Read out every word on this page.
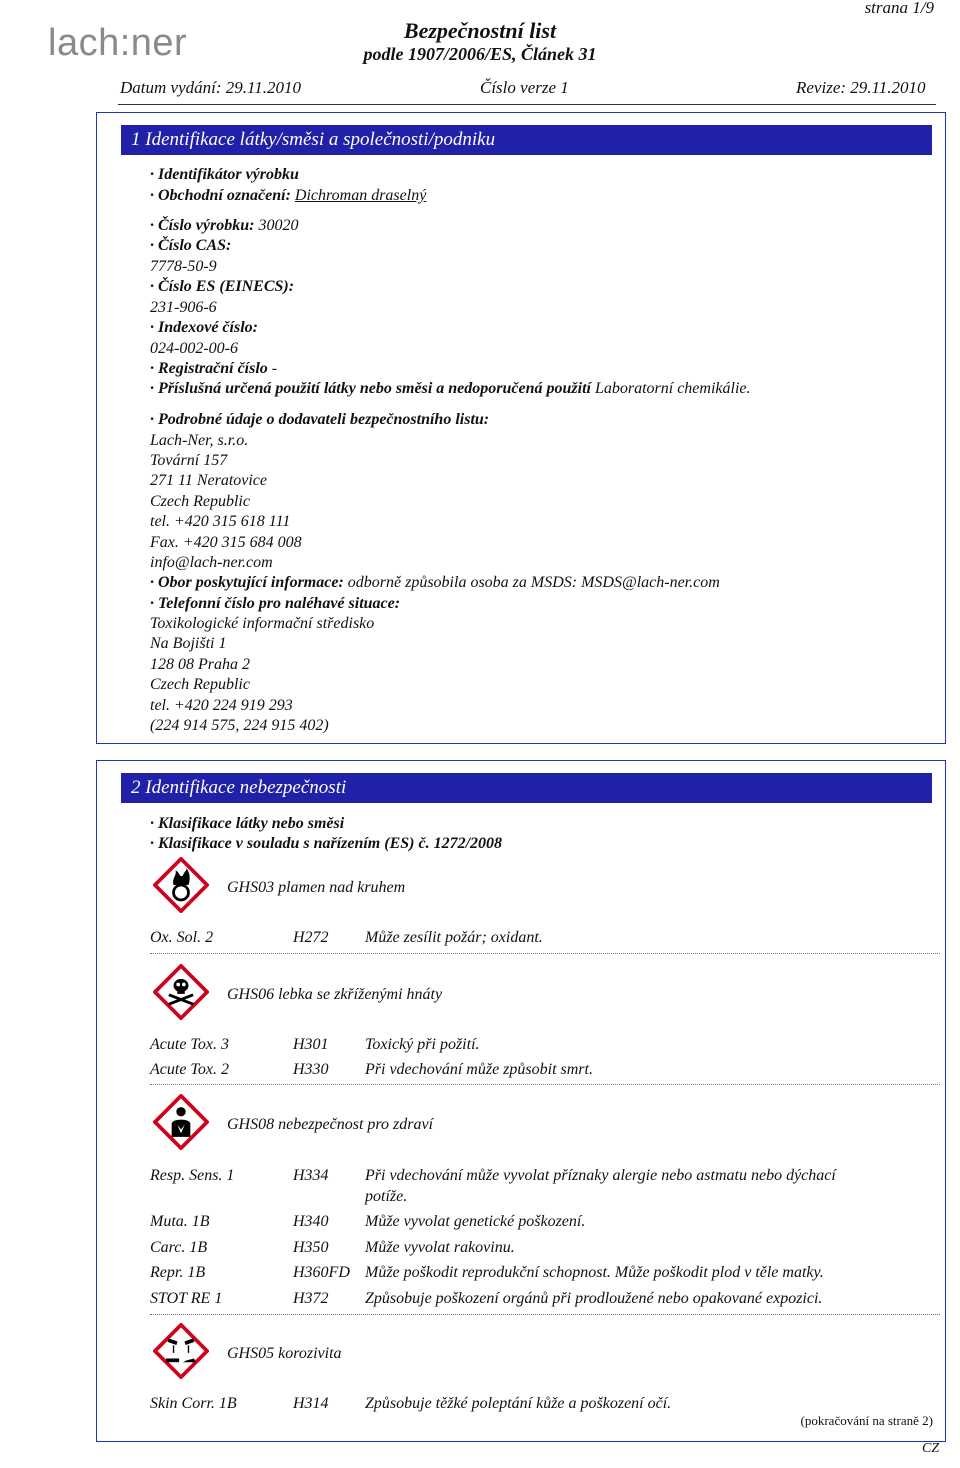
lach:ner	Bezpečnostní list
podle 1907/2006/ES, Článek 31
strana 1/9
Datum vydání: 29.11.2010	Číslo verze 1	Revize: 29.11.2010
1 Identifikace látky/směsi a společnosti/podniku
· Identifikátor výrobku
· Obchodní označení: Dichroman draselný
· Číslo výrobku: 30020
· Číslo CAS:
7778-50-9
· Číslo ES (EINECS):
231-906-6
· Indexové číslo:
024-002-00-6
· Registrační číslo -
· Příslušná určená použití látky nebo směsi a nedoporučená použití Laboratorní chemikálie.
· Podrobné údaje o dodavateli bezpečnostního listu:
Lach-Ner, s.r.o.
Tovární 157
271 11 Neratovice
Czech Republic
tel. +420 315 618 111
Fax. +420 315 684 008
info@lach-ner.com
· Obor poskytující informace: odborně způsobila osoba za MSDS: MSDS@lach-ner.com
· Telefonní číslo pro naléhavé situace:
Toxikologické informační středisko
Na Bojišti 1
128 08 Praha 2
Czech Republic
tel. +420 224 919 293
(224 914 575, 224 915 402)
2 Identifikace nebezpečnosti
· Klasifikace látky nebo směsi
· Klasifikace v souladu s nařízením (ES) č. 1272/2008
GHS03 plamen nad kruhem
Ox. Sol. 2	H272 Může zesílit požár; oxidant.
GHS06 lebka se zkříženými hnáty
Acute Tox. 3	H301 Toxický při požití.
Acute Tox. 2	H330 Při vdechování může způsobit smrt.
GHS08 nebezpečnost pro zdraví
Resp. Sens. 1	H334 Při vdechování může vyvolat příznaky alergie nebo astmatu nebo dýchací
potíže.
Muta. 1B	H340 Může vyvolat genetické poškození.
Carc. 1B	H350 Může vyvolat rakovinu.
Repr. 1B	H360FD Může poškodit reprodukční schopnost. Může poškodit plod v těle matky.
STOT RE 1	H372 Způsobuje poškození orgánů při prodloužené nebo opakované expozici.
GHS05 korozivita
Skin Corr. 1B	H314 Způsobuje těžké poleptání kůže a poškození očí.
(pokračování na straně 2)
CZ
